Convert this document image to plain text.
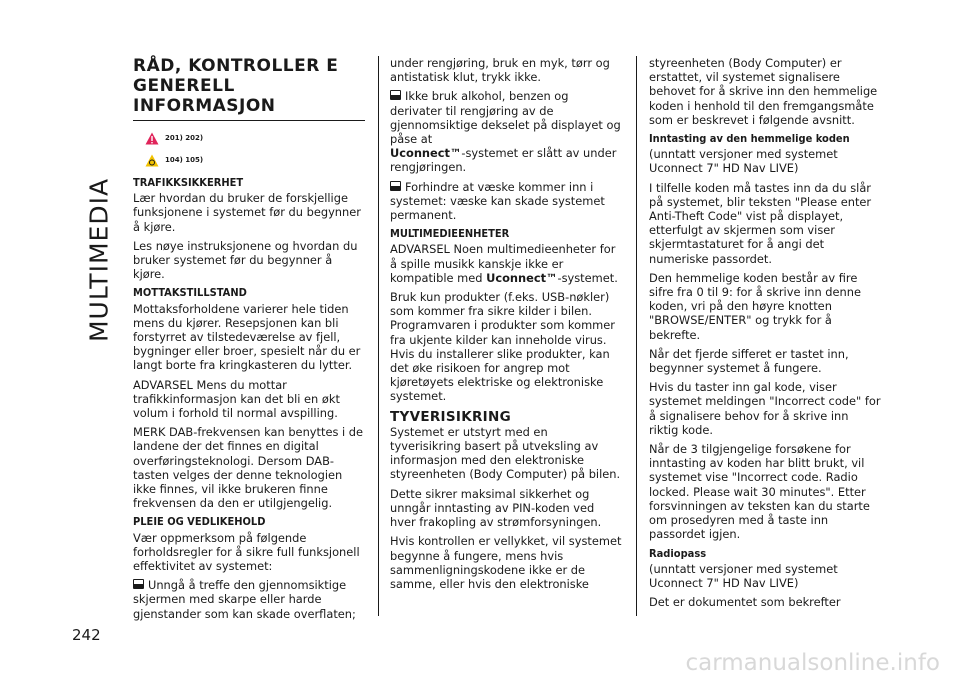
MULTIMEDIA
RÅD, KONTROLLER E
GENERELL INFORMASJON
201) 202)
104) 105)
TRAFIKKSIKKERHET

Lær hvordan du bruker de forskjellige funksjonene i systemet før du begynner å kjøre.

Les nøye instruksjonene og hvordan du bruker systemet før du begynner å kjøre.

MOTTAKSTILLSTAND

Mottaksforholdene varierer hele tiden mens du kjører. Resepsjonen kan bli forstyrret av tilstedeværelse av fjell, bygninger eller broer, spesielt når du er langt borte fra kringkasteren du lytter.

ADVARSEL Mens du mottar trafikkinformasjon kan det bli en økt volum i forhold til normal avspilling.

MERK DAB-frekvensen kan benyttes i de landene der det finnes en digital overføringsteknologi. Dersom DAB-tasten velges der denne teknologien ikke finnes, vil ikke brukeren finne frekvensen da den er utilgjengelig.

PLEIE OG VEDLIKEHOLD

Vær oppmerksom på følgende forholdsregler for å sikre full funksjonell effektivitet av systemet:

Unngå å treffe den gjennomsiktige skjermen med skarpe eller harde gjenstander som kan skade overflaten;

under rengjøring, bruk en myk, tørr og antistatisk klut, trykk ikke.

Ikke bruk alkohol, benzen og derivater til rengjøring av de gjennomsiktige dekselet på displayet og påse at
Uconnect™-systemet er slått av under rengjøringen.

Forhindre at væske kommer inn i systemet: væske kan skade systemet permanent.

MULTIMEDIEENHETER

ADVARSEL Noen multimedieenheter for å spille musikk kanskje ikke er kompatible med Uconnect™-systemet.

Bruk kun produkter (f.eks. USB-nøkler) som kommer fra sikre kilder i bilen. Programvaren i produkter som kommer fra ukjente kilder kan inneholde virus. Hvis du installerer slike produkter, kan det øke risikoen for angrep mot kjøretøyets elektriske og elektroniske systemet.

TYVERISIKRING

Systemet er utstyrt med en tyverisikring basert på utveksling av informasjon med den elektroniske styreenheten (Body Computer) på bilen.

Dette sikrer maksimal sikkerhet og unngår inntasting av PIN-koden ved hver frakopling av strømforsyningen.

Hvis kontrollen er vellykket, vil systemet begynne å fungere, mens hvis sammenligningskodene ikke er de samme, eller hvis den elektroniske

styreenheten (Body Computer) er erstattet, vil systemet signalisere behovet for å skrive inn den hemmelige koden i henhold til den fremgangsmåte som er beskrevet i følgende avsnitt.

Inntasting av den hemmelige koden

(unntatt versjoner med systemet Uconnect 7" HD Nav LIVE)

I tilfelle koden må tastes inn da du slår på systemet, blir teksten "Please enter Anti-Theft Code" vist på displayet, etterfulgt av skjermen som viser skjermtastaturet for å angi det numeriske passordet.

Den hemmelige koden består av fire sifre fra 0 til 9: for å skrive inn denne koden, vri på den høyre knotten "BROWSE/ENTER" og trykk for å bekrefte.

Når det fjerde sifferet er tastet inn, begynner systemet å fungere.

Hvis du taster inn gal kode, viser systemet meldingen "Incorrect code" for å signalisere behov for å skrive inn riktig kode.

Når de 3 tilgjengelige forsøkene for inntasting av koden har blitt brukt, vil systemet vise "Incorrect code. Radio locked. Please wait 30 minutes". Etter forsvinningen av teksten kan du starte om prosedyren med å taste inn passordet igjen.

Radiopass

(unntatt versjoner med systemet Uconnect 7" HD Nav LIVE)

Det er dokumentet som bekrefter

242
carmanualsonline.info
